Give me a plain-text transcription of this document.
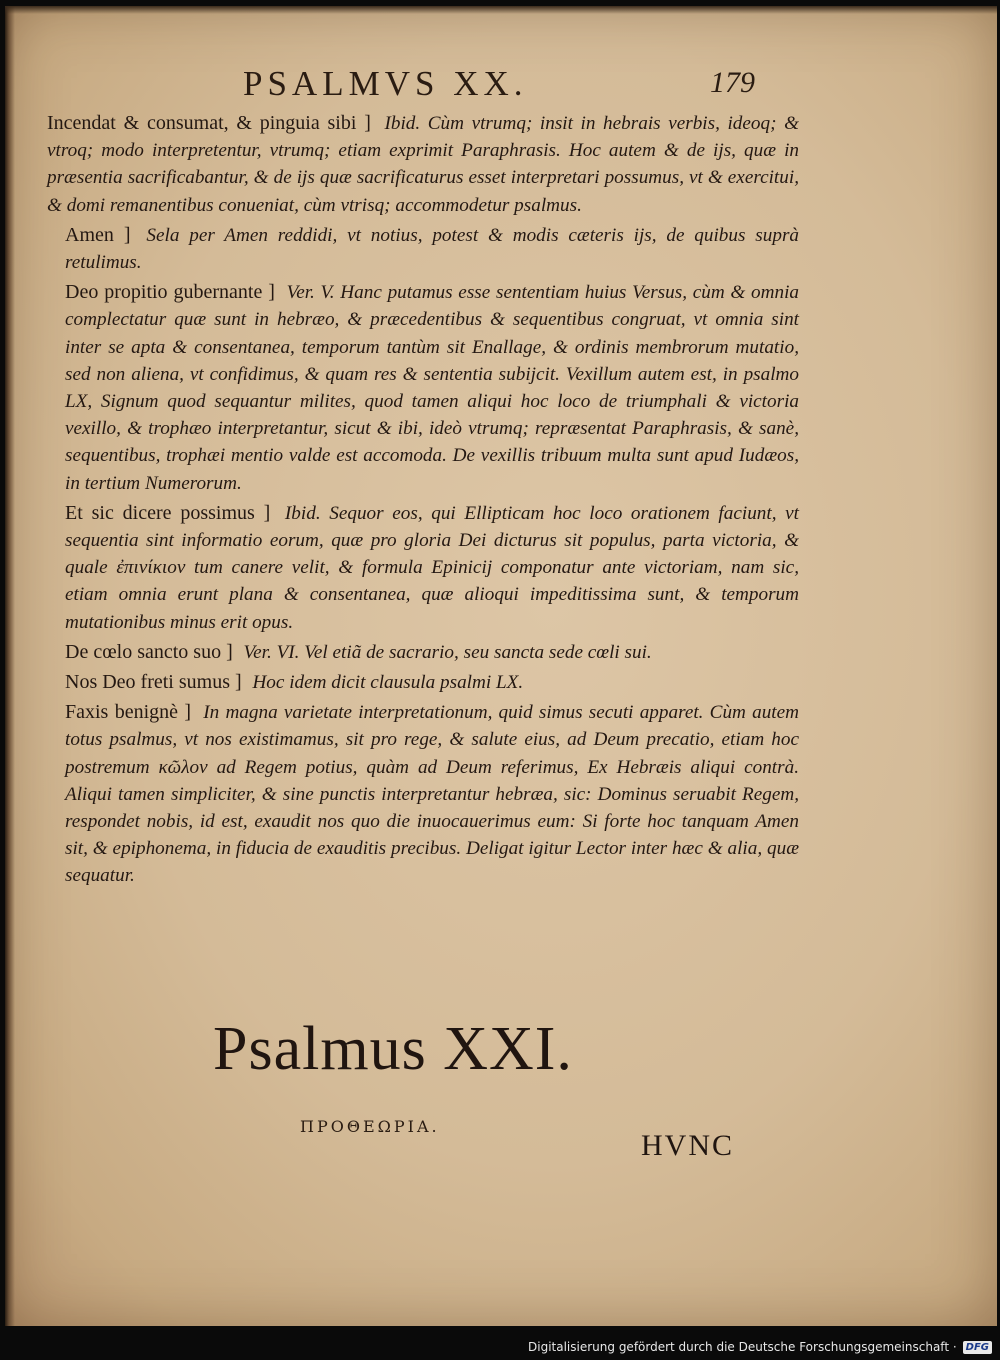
PSALMVS XX.	179

Incendat & consumat, & pinguia sibi ] Ibid. Cùm vtrumq; insit in hebrais verbis, ideoq; & vtroq; modo interpretentur, vtrumq; etiam exprimit Paraphrasis. Hoc autem & de ijs, quæ in præsentia sacrificabantur, & de ijs quæ sacrificaturus esset interpretari possumus, vt & exercitui, & domi remanentibus conueniat, cùm vtrisq; accommodetur psalmus.

Amen ] Sela per Amen reddidi, vt notius, potest & modis cæteris ijs, de quibus suprà retulimus.

Deo propitio gubernante ] Ver. V. Hanc putamus esse sententiam huius Versus, cùm & omnia complectatur quæ sunt in hebræo, & præcedentibus & sequentibus congruat, vt omnia sint inter se apta & consentanea, temporum tantùm sit Enallage, & ordinis membrorum mutatio, sed non aliena, vt confidimus, & quam res & sententia subijcit. Vexillum autem est, in psalmo LX, Signum quod sequantur milites, quod tamen aliqui hoc loco de triumphali & victoria vexillo, & trophæo interpretantur, sicut & ibi, ideò vtrumq; repræsentat Paraphrasis, & sanè, sequentibus, trophæi mentio valde est accomoda. De vexillis tribuum multa sunt apud Iudæos, in tertium Numerorum.

Et sic dicere possimus ] Ibid. Sequor eos, qui Ellipticam hoc loco orationem faciunt, vt sequentia sint informatio eorum, quæ pro gloria Dei dicturus sit populus, parta victoria, & quale ἐπινίκιον tum canere velit, & formula Epinicij componatur ante victoriam, nam sic, etiam omnia erunt plana & consentanea, quæ alioqui impeditissima sunt, & temporum mutationibus minus erit opus.

De cœlo sancto suo ] Ver. VI. Vel etiã de sacrario, seu sancta sede cœli sui.

Nos Deo freti sumus ] Hoc idem dicit clausula psalmi LX.

Faxis benignè ] In magna varietate interpretationum, quid simus secuti apparet. Cùm autem totus psalmus, vt nos existimamus, sit pro rege, & salute eius, ad Deum precatio, etiam hoc postremum κῶλον ad Regem potius, quàm ad Deum referimus, Ex Hebræis aliqui contrà. Aliqui tamen simpliciter, & sine punctis interpretantur hebræa, sic: Dominus seruabit Regem, respondet nobis, id est, exaudit nos quo die inuocauerimus eum: Si forte hoc tanquam Amen sit, & epiphonema, in fiducia de exauditis precibus. Deligat igitur Lector inter hæc & alia, quæ sequatur.

Psalmus XXI.
ΠΡΟΘΕΩΡΙΑ.
HVNC
Digitalisierung gefördert durch die Deutsche Forschungsgemeinschaft · DFG
